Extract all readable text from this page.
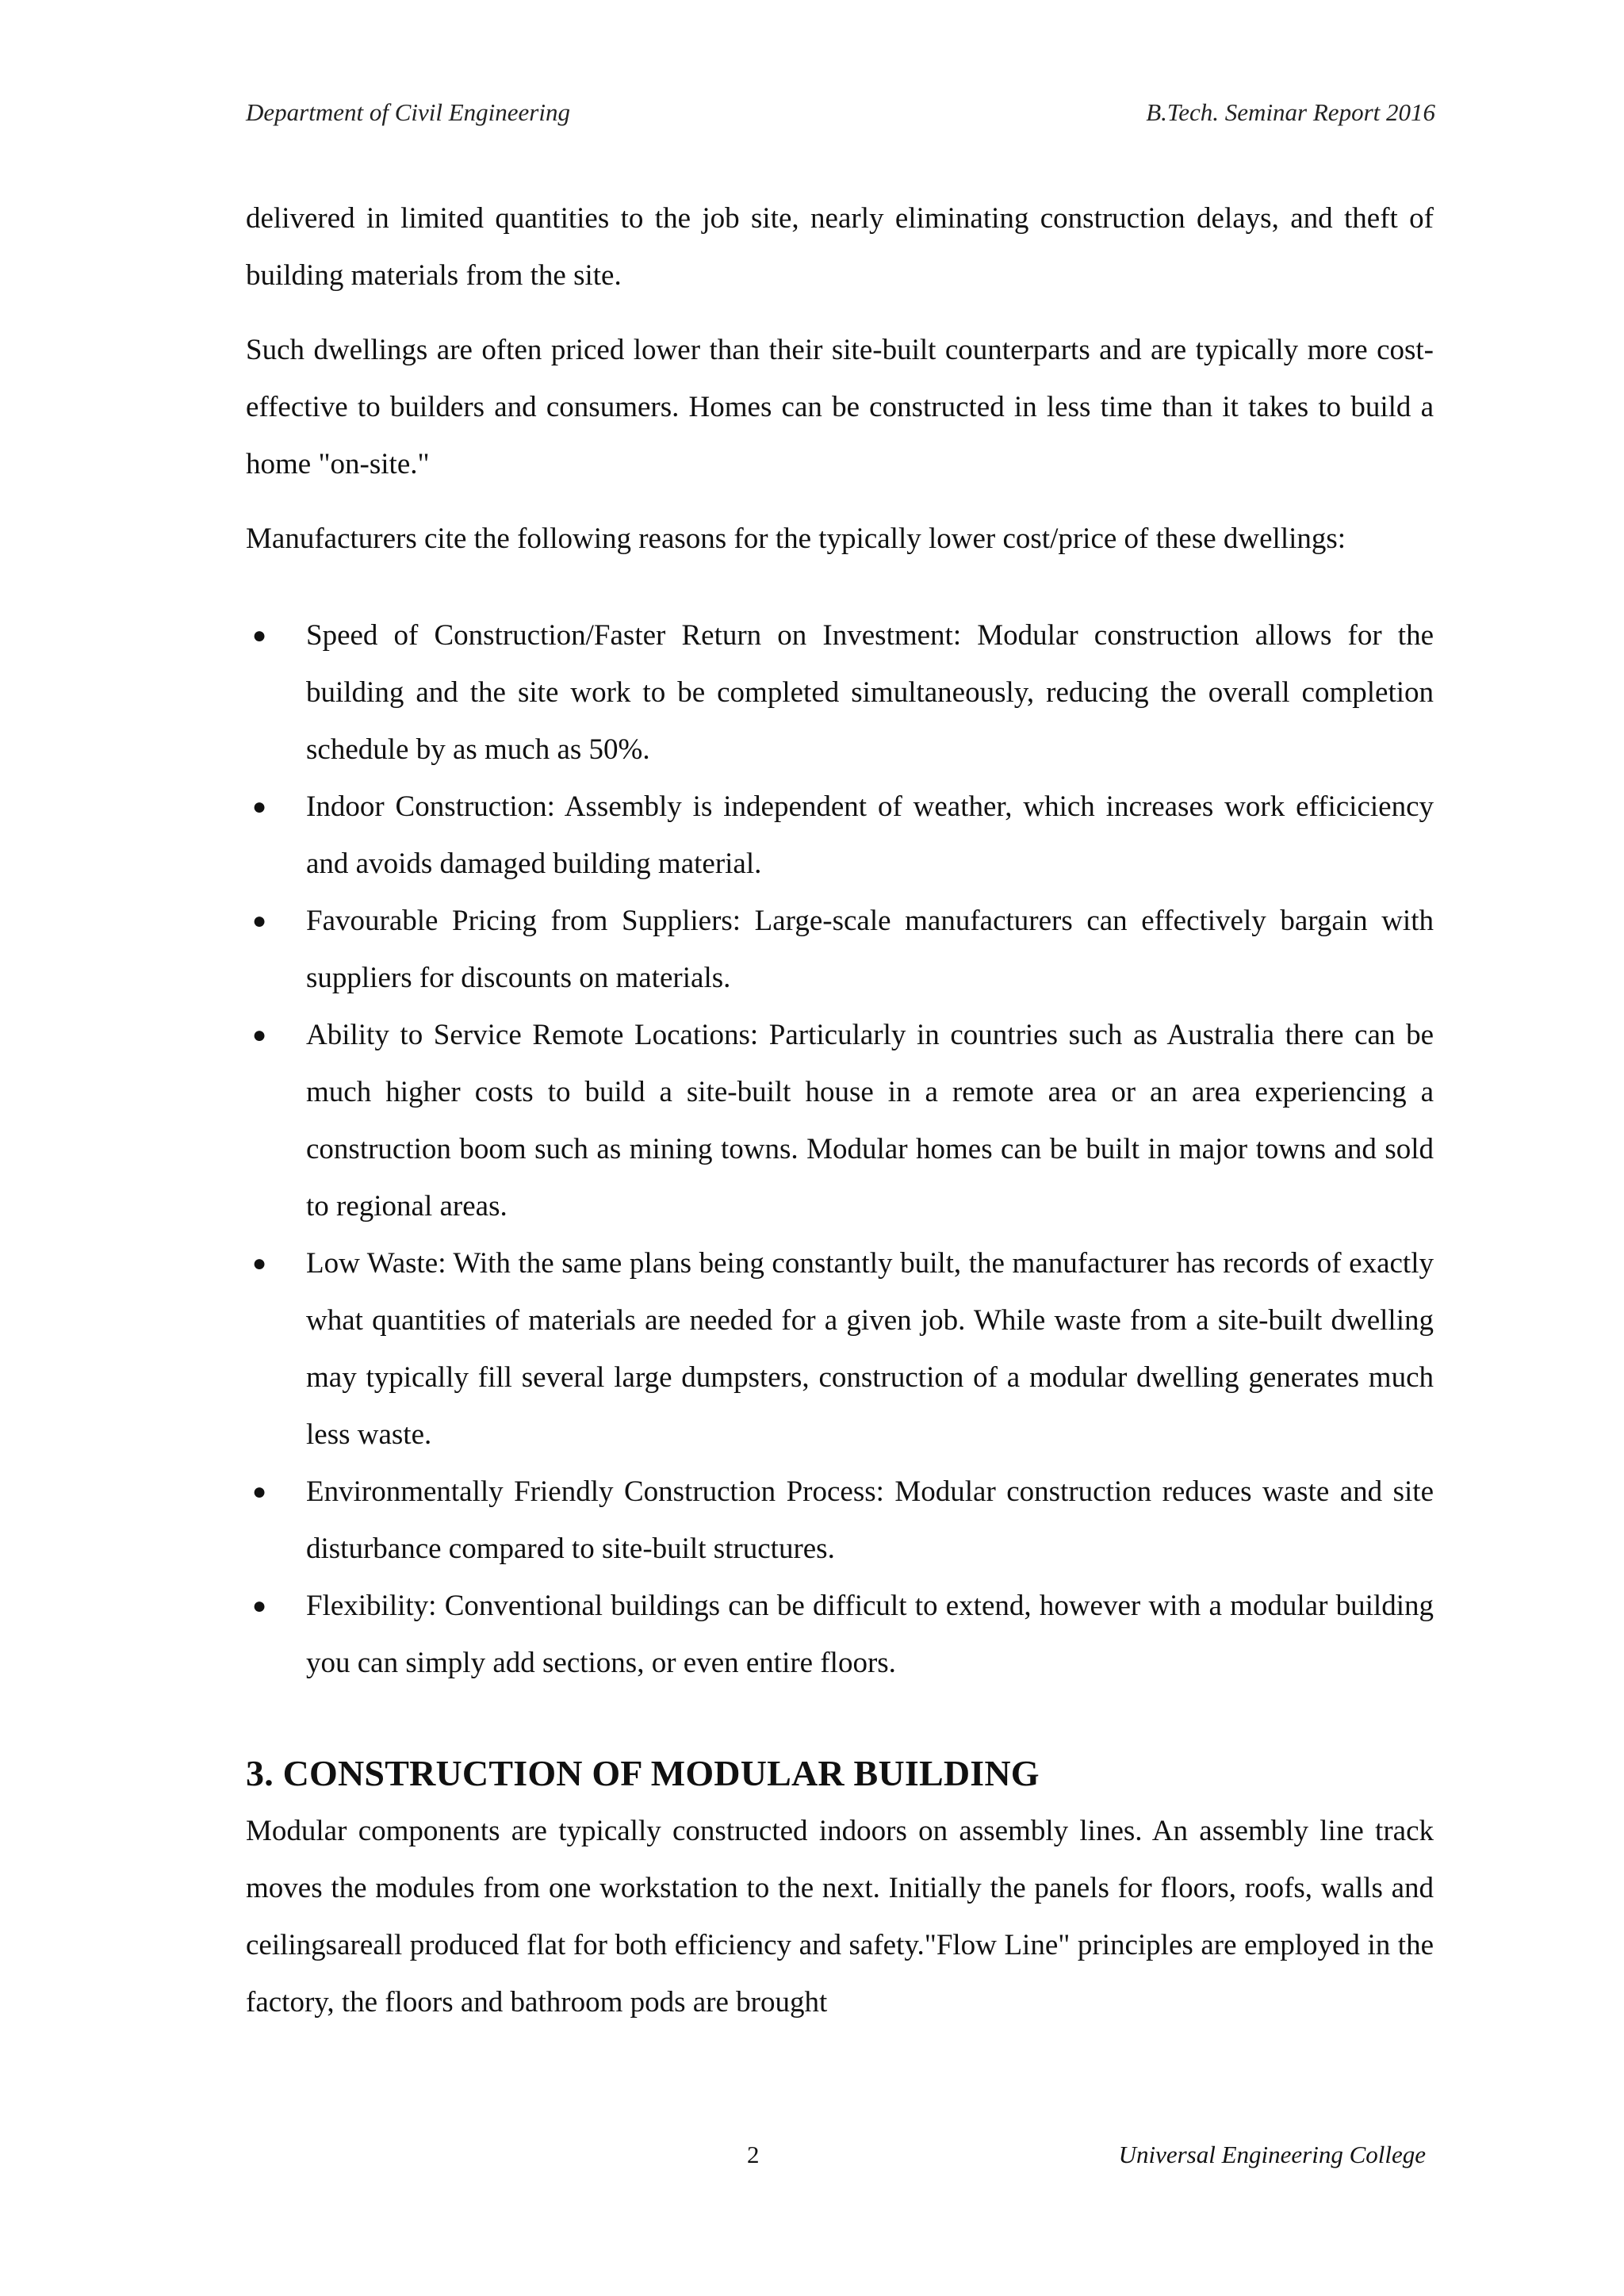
Department of Civil Engineering	B.Tech. Seminar Report 2016

delivered in limited quantities to the job site, nearly eliminating construction delays, and theft of building materials from the site.

Such dwellings are often priced lower than their site-built counterparts and are typically more cost-effective to builders and consumers. Homes can be constructed in less time than it takes to build a home "on-site."

Manufacturers cite the following reasons for the typically lower cost/price of these dwellings:

● Speed of Construction/Faster Return on Investment: Modular construction allows for the building and the site work to be completed simultaneously, reducing the overall completion schedule by as much as 50%.
● Indoor Construction: Assembly is independent of weather, which increases work efficiciency and avoids damaged building material.
● Favourable Pricing from Suppliers: Large-scale manufacturers can effectively bargain with suppliers for discounts on materials.
● Ability to Service Remote Locations: Particularly in countries such as Australia there can be much higher costs to build a site-built house in a remote area or an area experiencing a construction boom such as mining towns. Modular homes can be built in major towns and sold to regional areas.
● Low Waste: With the same plans being constantly built, the manufacturer has records of exactly what quantities of materials are needed for a given job. While waste from a site-built dwelling may typically fill several large dumpsters, construction of a modular dwelling generates much less waste.
● Environmentally Friendly Construction Process: Modular construction reduces waste and site disturbance compared to site-built structures.
● Flexibility: Conventional buildings can be difficult to extend, however with a modular building you can simply add sections, or even entire floors.
3. CONSTRUCTION OF MODULAR BUILDING

Modular components are typically constructed indoors on assembly lines. An assembly line track moves the modules from one workstation to the next. Initially the panels for floors, roofs, walls and ceilingsareall produced flat for both efficiency and safety."Flow Line" principles are employed in the factory, the floors and bathroom pods are brought

2	Universal Engineering College
